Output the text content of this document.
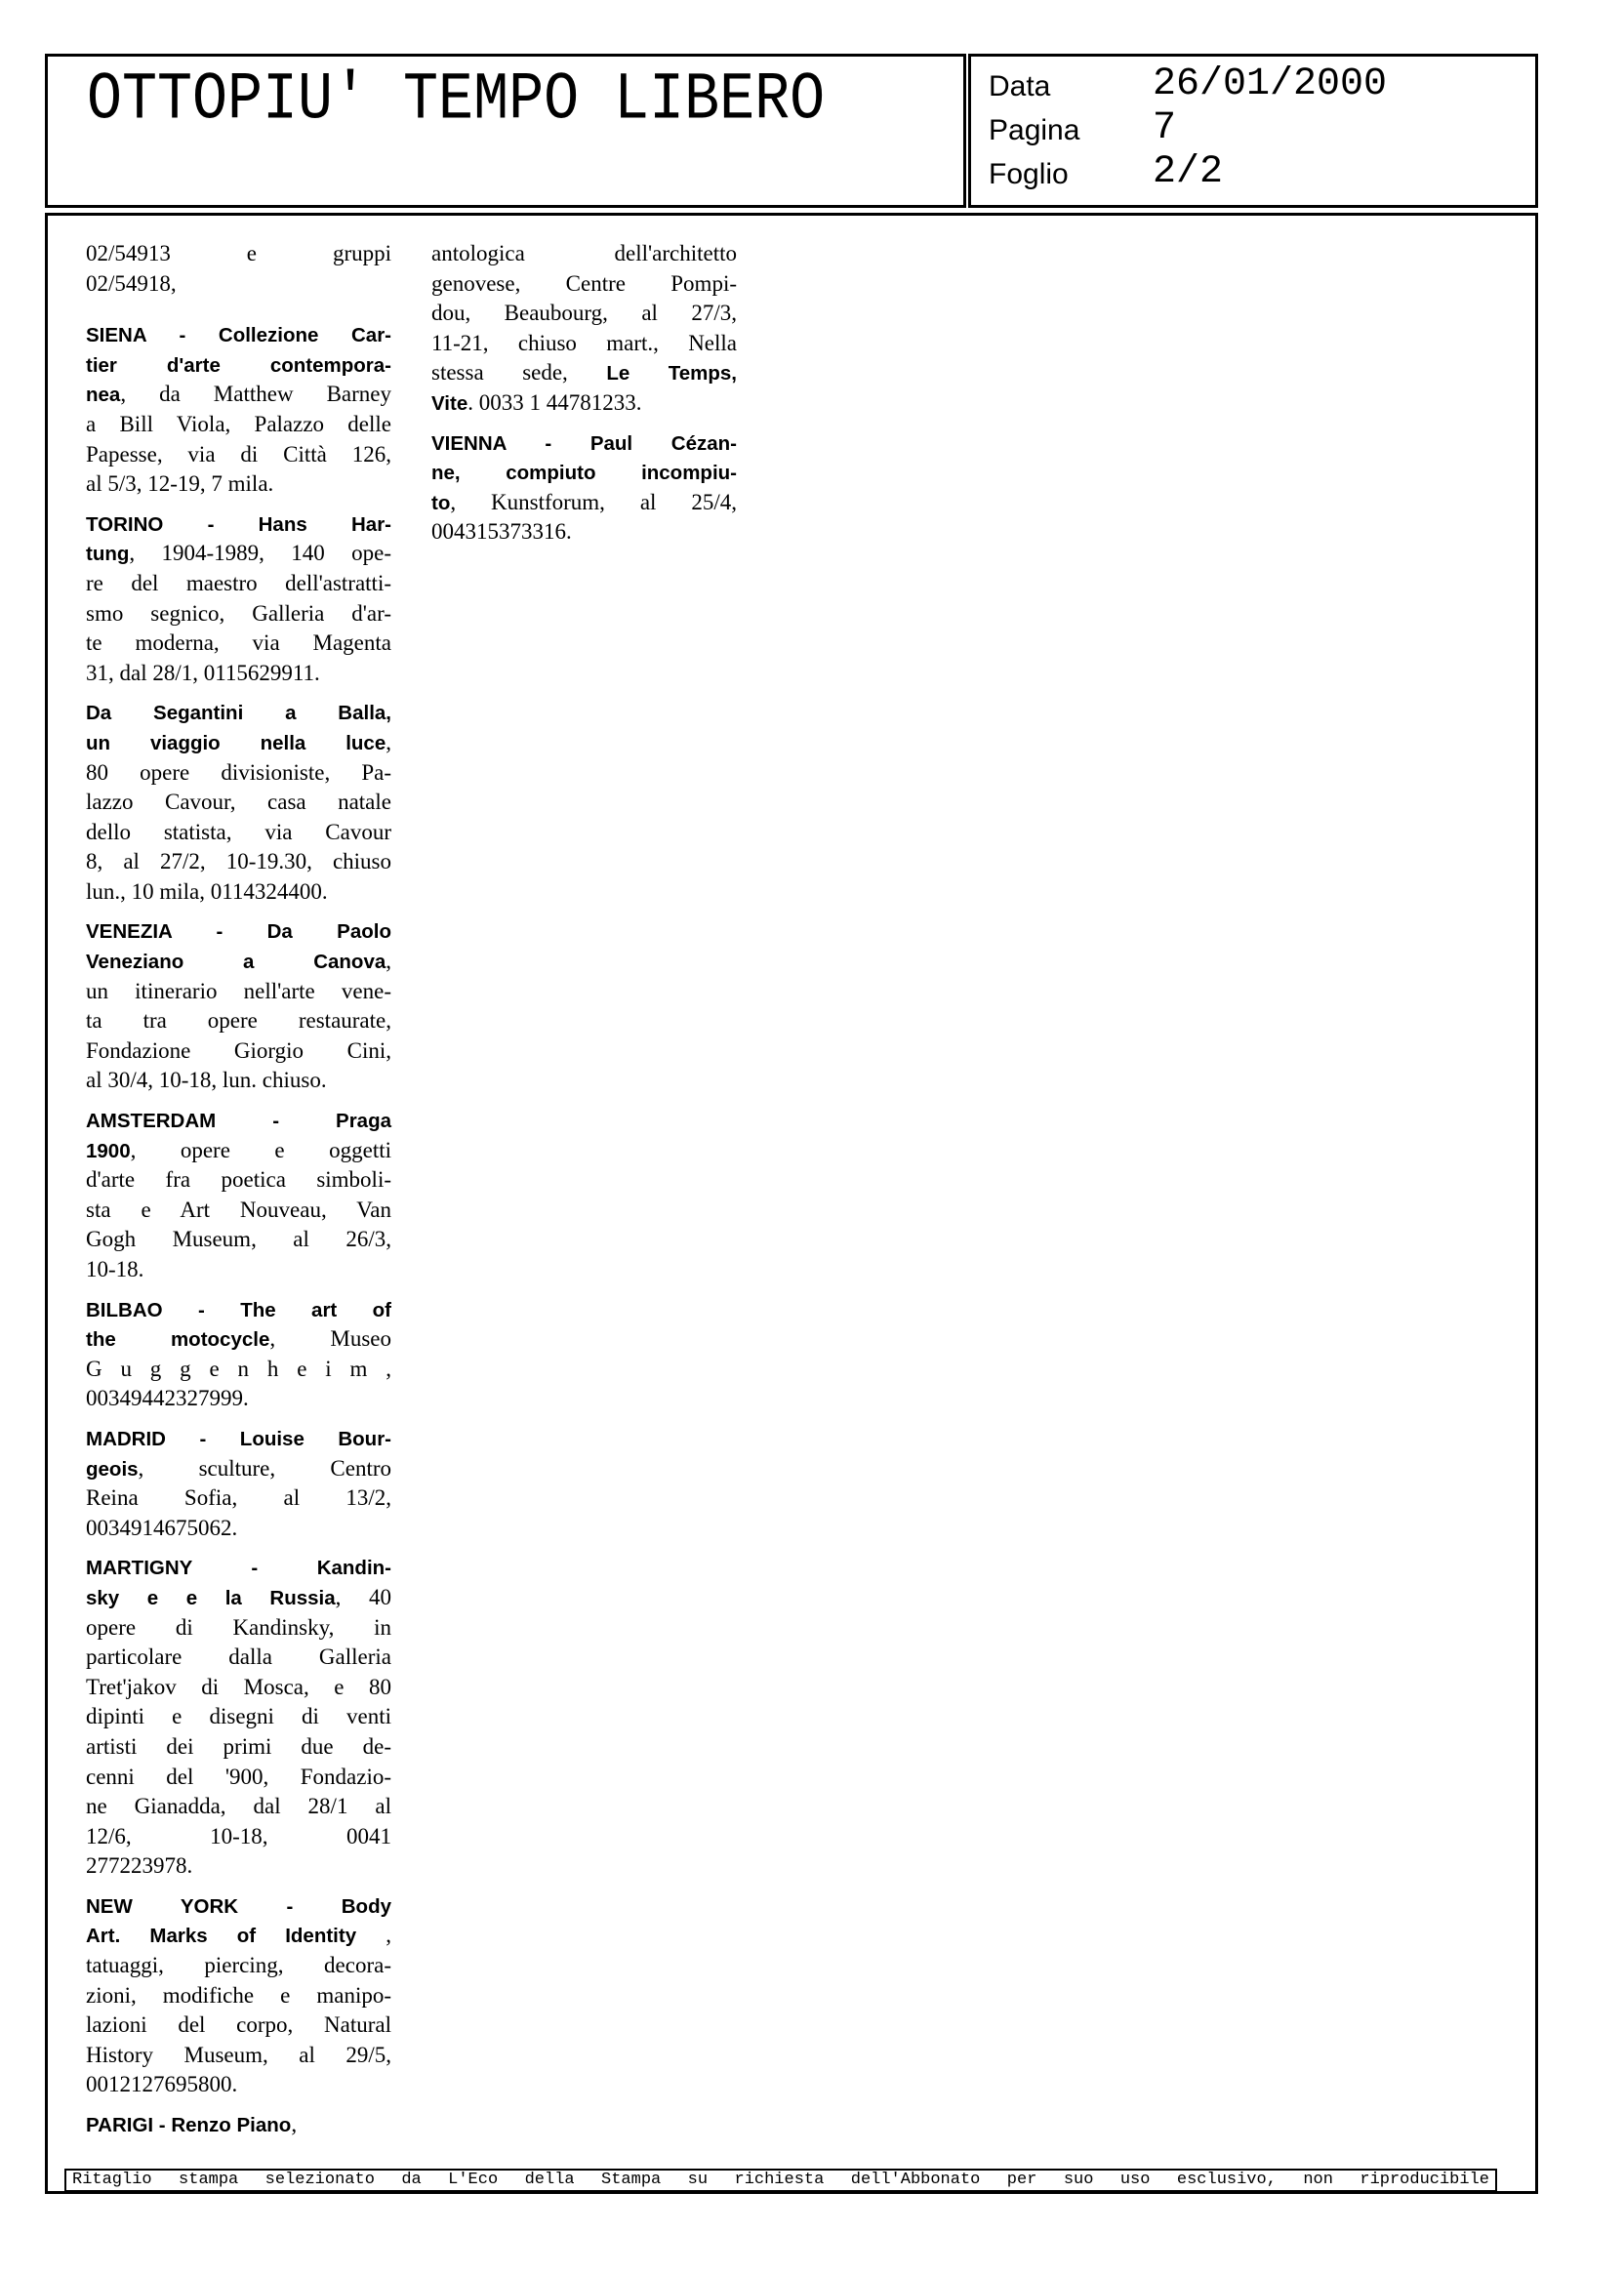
OTTOPIU' TEMPO LIBERO	Data	26/01/2000
Pagina 7
Foglio 2/2
02/54913 e gruppi
02/54918,
SIENA - Collezione Car-
tier d'arte contempora-
nea, da Matthew Barney
a Bill Viola, Palazzo delle
Papesse, via di Città 126,
al 5/3, 12-19, 7 mila.
TORINO - Hans Har-
tung, 1904-1989, 140 ope-
re del maestro dell'astratti-
smo segnico, Galleria d'ar-
te moderna, via Magenta
31, dal 28/1, 0115629911.
Da Segantini a Balla,
un viaggio nella luce,
80 opere divisioniste, Pa-
lazzo Cavour, casa natale
dello statista, via Cavour
8, al 27/2, 10-19.30, chiuso
lun., 10 mila, 0114324400.
VENEZIA - Da Paolo
Veneziano a Canova,
un itinerario nell'arte vene-
ta tra opere restaurate,
Fondazione Giorgio Cini,
al 30/4, 10-18, lun. chiuso.
AMSTERDAM - Praga
1900, opere e oggetti
d'arte fra poetica simboli-
sta e Art Nouveau, Van
Gogh Museum, al 26/3,
10-18.
BILBAO - The art of
the motocycle, Museo
G u g g e n h e i m ,
00349442327999.
MADRID - Louise Bour-
geois, sculture, Centro
Reina Sofia, al 13/2,
0034914675062.
MARTIGNY - Kandin-
sky e e la Russia, 40
opere di Kandinsky, in
particolare dalla Galleria
Tret'jakov di Mosca, e 80
dipinti e disegni di venti
artisti dei primi due de-
cenni del '900, Fondazio-
ne Gianadda, dal 28/1 al
12/6, 10-18, 0041
277223978.
NEW YORK - Body
Art. Marks of Identity ,
tatuaggi, piercing, decora-
zioni, modifiche e manipo-
lazioni del corpo, Natural
History Museum, al 29/5,
0012127695800.
PARIGI - Renzo Piano,
antologica dell'architetto
genovese, Centre Pompi-
dou, Beaubourg, al 27/3,
11-21, chiuso mart., Nella
stessa sede, Le Temps,
Vite. 0033 1 44781233.
VIENNA - Paul Cézan-
ne, compiuto incompiu-
to, Kunstforum, al 25/4,
004315373316.
Ritaglio stampa selezionato da L'Eco della Stampa su richiesta dell'Abbonato per suo uso esclusivo, non riproducibile
